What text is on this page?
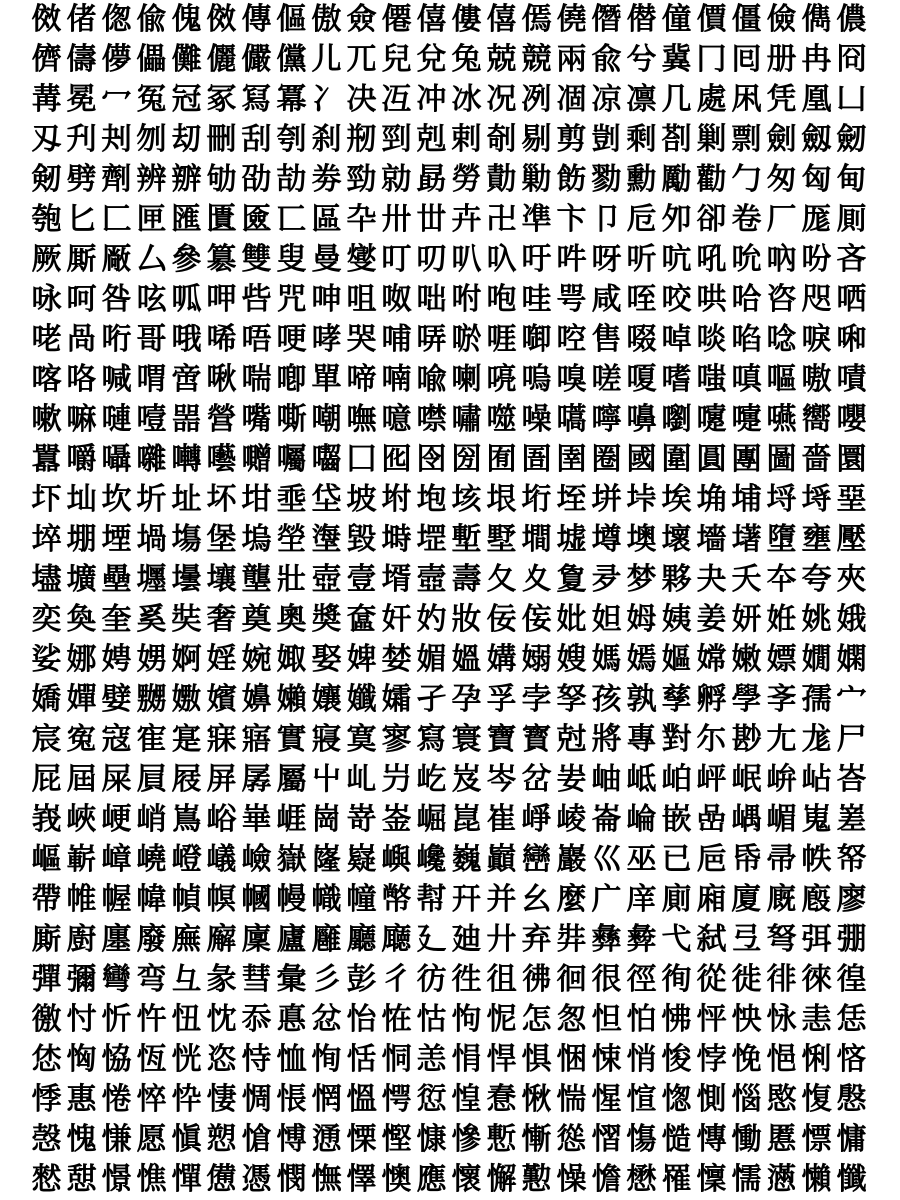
傚 偖 偬 偸 傀 傚 傳 傴 傲 僉 僊 僖 僂 僖 傿 僥 僭 僣 僮 價 僵 儉 儁 儂
儕 儔 儚 儡 儺 儷 儼 儻 儿 兀 兒 兌 兔 兢 競 兩 兪 兮 冀 冂 囘 册 冉 冏
冓 冕 冖 冤 冠 冢 冩 冪 冫 决 冱 冲 冰 况 冽 凅 凉 凛 几 處 凩 凭 凰 凵
刄 刋 刔 刎 刧 刪 刮 刳 刹 剏 剄 剋 剌 剞 剔 剪 剴 剩 剳 剿 剽 劍 劔 劒
剱 劈 劑 辨 辧 劬 劭 劼 劵 勁 勍 勗 勞 勣 勦 飭 勠 勳 勵 勸 勹 匆 匈 甸
匏 匕 匚 匣 匯 匱 匳 匸 區 卆 卅 丗 卉 卍 凖 卞 卩 卮 夘 卻 卷 厂 厖 厠
厥 厮 厰 厶 參 簒 雙 叟 曼 燮 叮 叨 叭 叺 吁 吽 呀 听 吭 吼 吮 吶 吩 吝
咏 呵 咎 呟 呱 呷 呰 咒 呻 咀 呶 咄 咐 咆 哇 咢 咸 咥 咬 哄 哈 咨 咫 哂
咾 咼 哘 哥 哦 唏 唔 哽 哮 哭 哺 哢 唹 啀 啣 啌 售 啜 啅 啖 啗 唸 唳 啝
喀 咯 喊 喟 啻 啾 喘 喞 單 啼 喃 喩 喇 喨 嗚 嗅 嗟 嗄 嗜 嗤 嗔 嘔 嗷 嘖
嗽 嘛 嗹 噎 噐 營 嘴 嘶 嘲 嘸 噫 噤 嘯 噬 噪 嚆 嚀 嚊 嚠 嚔 嚏 嚥 嚮 嚶
囂 嚼 囁 囃 囀 囈 囎 囑 囓 囗 囮 囹 圀 囿 圄 圉 圈 國 圍 圓 團 圖 嗇 圜
圷 圸 坎 圻 址 坏 坩 埀 垈 坡 坿 垉 垓 垠 垳 垤 垪 垰 埃 埆 埔 埒 埓 堊
埣 堋 堙 堝 塲 堡 塢 塋 塰 毀 塒 堽 塹 墅 墹 墟 墫 墺 壞 墻 墸 墮 壅 壓
壗 壙 壘 壥 壜 壤 壟 壯 壺 壹 壻 壼 壽 夂 夊 夐 夛 梦 夥 夬 夭 夲 夸 夾
奕 奐 奎 奚 奘 奢 奠 奧 奬 奩 奸 妁 妝 佞 侫 妣 妲 姆 姨 姜 妍 姙 姚 娥
娑 娜 娉 娚 婀 婬 婉 娵 娶 婢 婪 媚 媼 媾 嫋 嫂 媽 嫣 嫗 嫦 嫩 嫖 嫺 嫻
嬌 嬋 嬖 嬲 嫐 嬪 嬶 嬾 孃 孅 孀 孑 孕 孚 孛 孥 孩 孰 孳 孵 學 斈 孺 宀
宸 寃 寇 寉 寔 寐 寤 實 寢 寞 寥 寫 寰 寶 寳 尅 將 專 對 尓 尠 尢 尨 尸
屁 屆 屎 屓 屐 屏 孱 屬 屮 乢 屶 屹 岌 岑 岔 妛 岫 岻 岶 岼 岷 峅 岾 峇
峩 峽 峺 峭 嶌 峪 崋 崕 崗 嵜 崟 崛 崑 崔 崢 崚 崙 崘 嵌 嵒 嵎 嵋 嵬 嵳
嶇 嶄 嶂 嶢 嶝 嶬 嶮 嶽 嶐 嶷 嶼 巉 巍 巓 巒 巖 巛 巫 已 巵 帋 帚 帙 帑
帶 帷 幄 幃 幀 幎 幗 幔 幟 幢 幤 幇 幵 并 幺 麼 广 庠 廁 廂 廈 廐 廏 廖
廝 廚 廛 廢 廡 廨 廩 廬 廱 廳 廰 廴 廸 廾 弃 弉 彝 彜 弋 弑 弖 弩 弭 弸
彈 彌 彎 弯 彑 彖 彗 彙 彡 彭 彳 彷 徃 徂 彿 徊 很 徑 徇 從 徙 徘 徠 徨
徼 忖 忻 忤 忸 忱 忝 悳 忿 怡 恠 怙 怐 怩 怎 怱 怛 怕 怫 怦 怏 怺 恚 恁
恷 恟 恊 恆 恍 恣 恃 恤 恂 恬 恫 恙 悁 悍 惧 悃 悚 悄 悛 悖 悗 悒 悧 悋
悸 惠 惓 悴 忰 悽 惆 悵 惘 慍 愕 愆 惶 惷 愀 惴 惺 愃 愡 惻 惱 愍 愎 慇
愨 愧 慊 愿 愼 愬 愴 愽 慂 慄 慳 慷 慘 慙 慚 慫 慴 慯 慥 慱 慟 慝 慓 慵
憖 憇 憬 憔 憚 憊 憑 憫 憮 懌 懊 應 懷 懈 懃 懆 憺 懋 罹 懍 懦 懣 懶 懺
